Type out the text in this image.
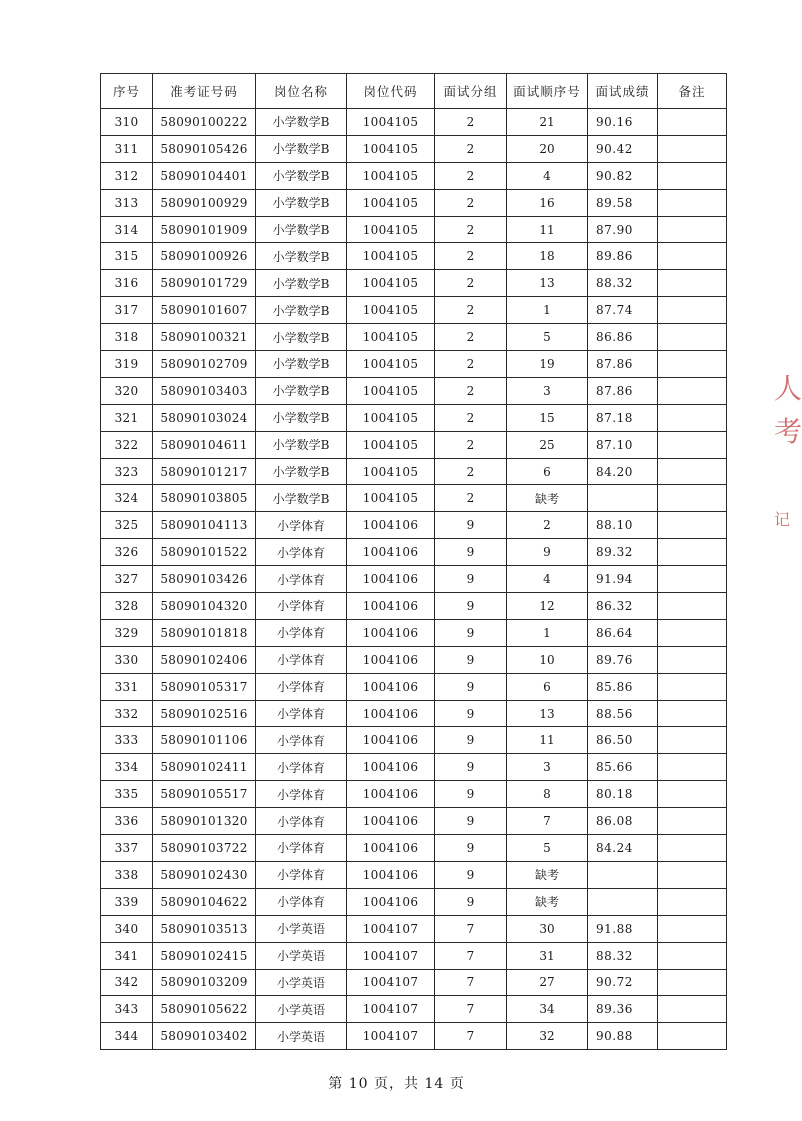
序号	准考证号码	岗位名称	岗位代码	面试分组	面试顺序号	面试成绩	备注
310	58090100222	小学数学B	1004105	2	21	90.16	
311	58090105426	小学数学B	1004105	2	20	90.42	
312	58090104401	小学数学B	1004105	2	4	90.82	
313	58090100929	小学数学B	1004105	2	16	89.58	
314	58090101909	小学数学B	1004105	2	11	87.90	
315	58090100926	小学数学B	1004105	2	18	89.86	
316	58090101729	小学数学B	1004105	2	13	88.32	
317	58090101607	小学数学B	1004105	2	1	87.74	
318	58090100321	小学数学B	1004105	2	5	86.86	
319	58090102709	小学数学B	1004105	2	19	87.86	
320	58090103403	小学数学B	1004105	2	3	87.86	
321	58090103024	小学数学B	1004105	2	15	87.18	
322	58090104611	小学数学B	1004105	2	25	87.10	
323	58090101217	小学数学B	1004105	2	6	84.20	
324	58090103805	小学数学B	1004105	2	缺考		
325	58090104113	小学体育	1004106	9	2	88.10	
326	58090101522	小学体育	1004106	9	9	89.32	
327	58090103426	小学体育	1004106	9	4	91.94	
328	58090104320	小学体育	1004106	9	12	86.32	
329	58090101818	小学体育	1004106	9	1	86.64	
330	58090102406	小学体育	1004106	9	10	89.76	
331	58090105317	小学体育	1004106	9	6	85.86	
332	58090102516	小学体育	1004106	9	13	88.56	
333	58090101106	小学体育	1004106	9	11	86.50	
334	58090102411	小学体育	1004106	9	3	85.66	
335	58090105517	小学体育	1004106	9	8	80.18	
336	58090101320	小学体育	1004106	9	7	86.08	
337	58090103722	小学体育	1004106	9	5	84.24	
338	58090102430	小学体育	1004106	9	缺考		
339	58090104622	小学体育	1004106	9	缺考		
340	58090103513	小学英语	1004107	7	30	91.88	
341	58090102415	小学英语	1004107	7	31	88.32	
342	58090103209	小学英语	1004107	7	27	90.72	
343	58090105622	小学英语	1004107	7	34	89.36	
344	58090103402	小学英语	1004107	7	32	90.88	
第 10 页，共 14 页
人
考
记
